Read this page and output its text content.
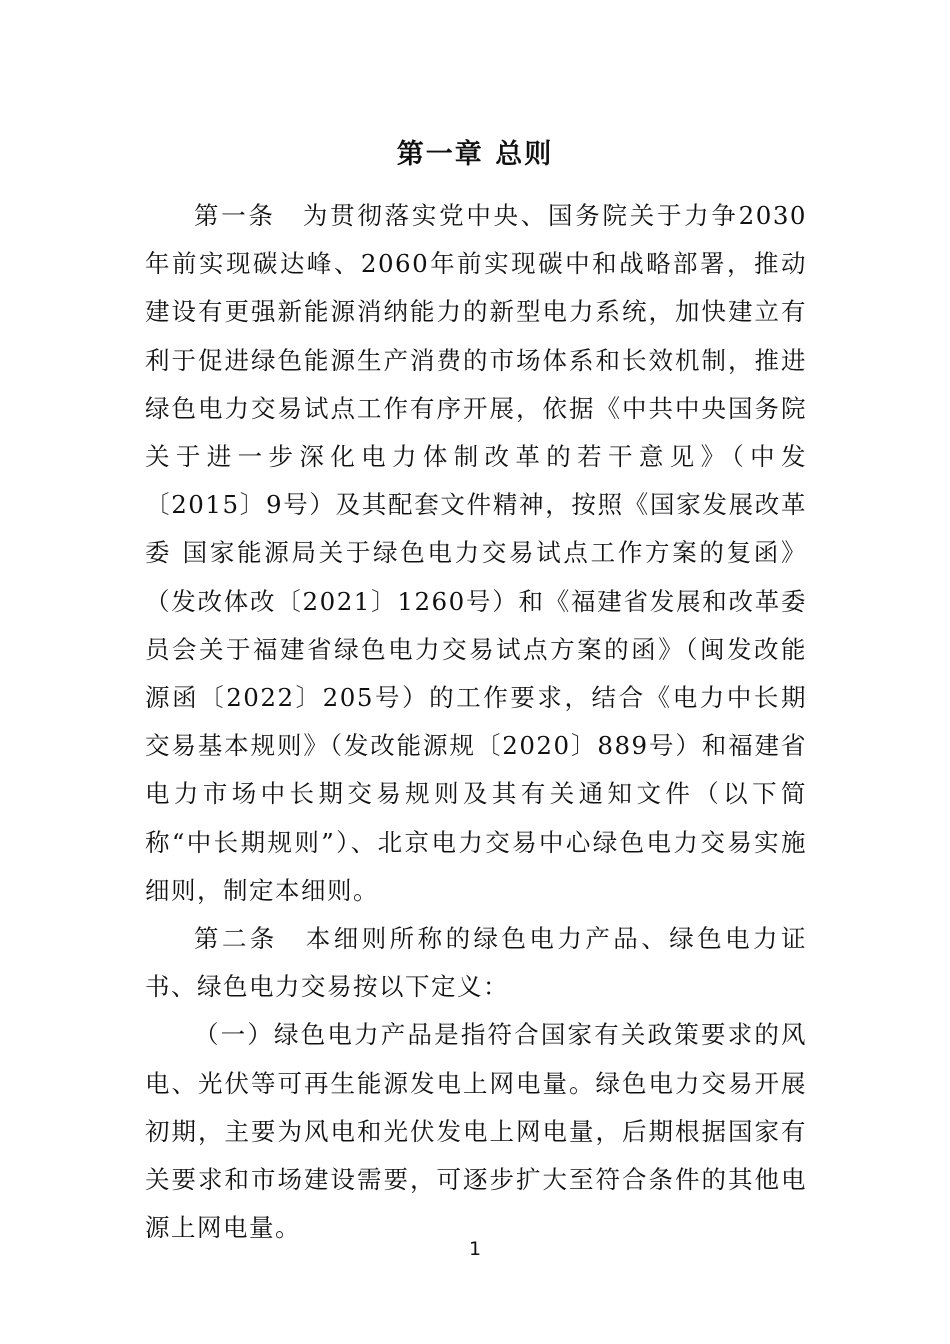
第一章 总则

第一条　为贯彻落实党中央、国务院关于力争2030年前实现碳达峰、2060年前实现碳中和战略部署，推动建设有更强新能源消纳能力的新型电力系统，加快建立有利于促进绿色能源生产消费的市场体系和长效机制，推进绿色电力交易试点工作有序开展，依据《中共中央国务院关于进一步深化电力体制改革的若干意见》（中发〔2015〕9号）及其配套文件精神，按照《国家发展改革委 国家能源局关于绿色电力交易试点工作方案的复函》（发改体改〔2021〕1260号）和《福建省发展和改革委员会关于福建省绿色电力交易试点方案的函》（闽发改能源函〔2022〕205号）的工作要求，结合《电力中长期交易基本规则》（发改能源规〔2020〕889号）和福建省电力市场中长期交易规则及其有关通知文件（以下简称“中长期规则”）、北京电力交易中心绿色电力交易实施细则，制定本细则。

第二条　本细则所称的绿色电力产品、绿色电力证书、绿色电力交易按以下定义：

（一）绿色电力产品是指符合国家有关政策要求的风电、光伏等可再生能源发电上网电量。绿色电力交易开展初期，主要为风电和光伏发电上网电量，后期根据国家有关要求和市场建设需要，可逐步扩大至符合条件的其他电源上网电量。

1
